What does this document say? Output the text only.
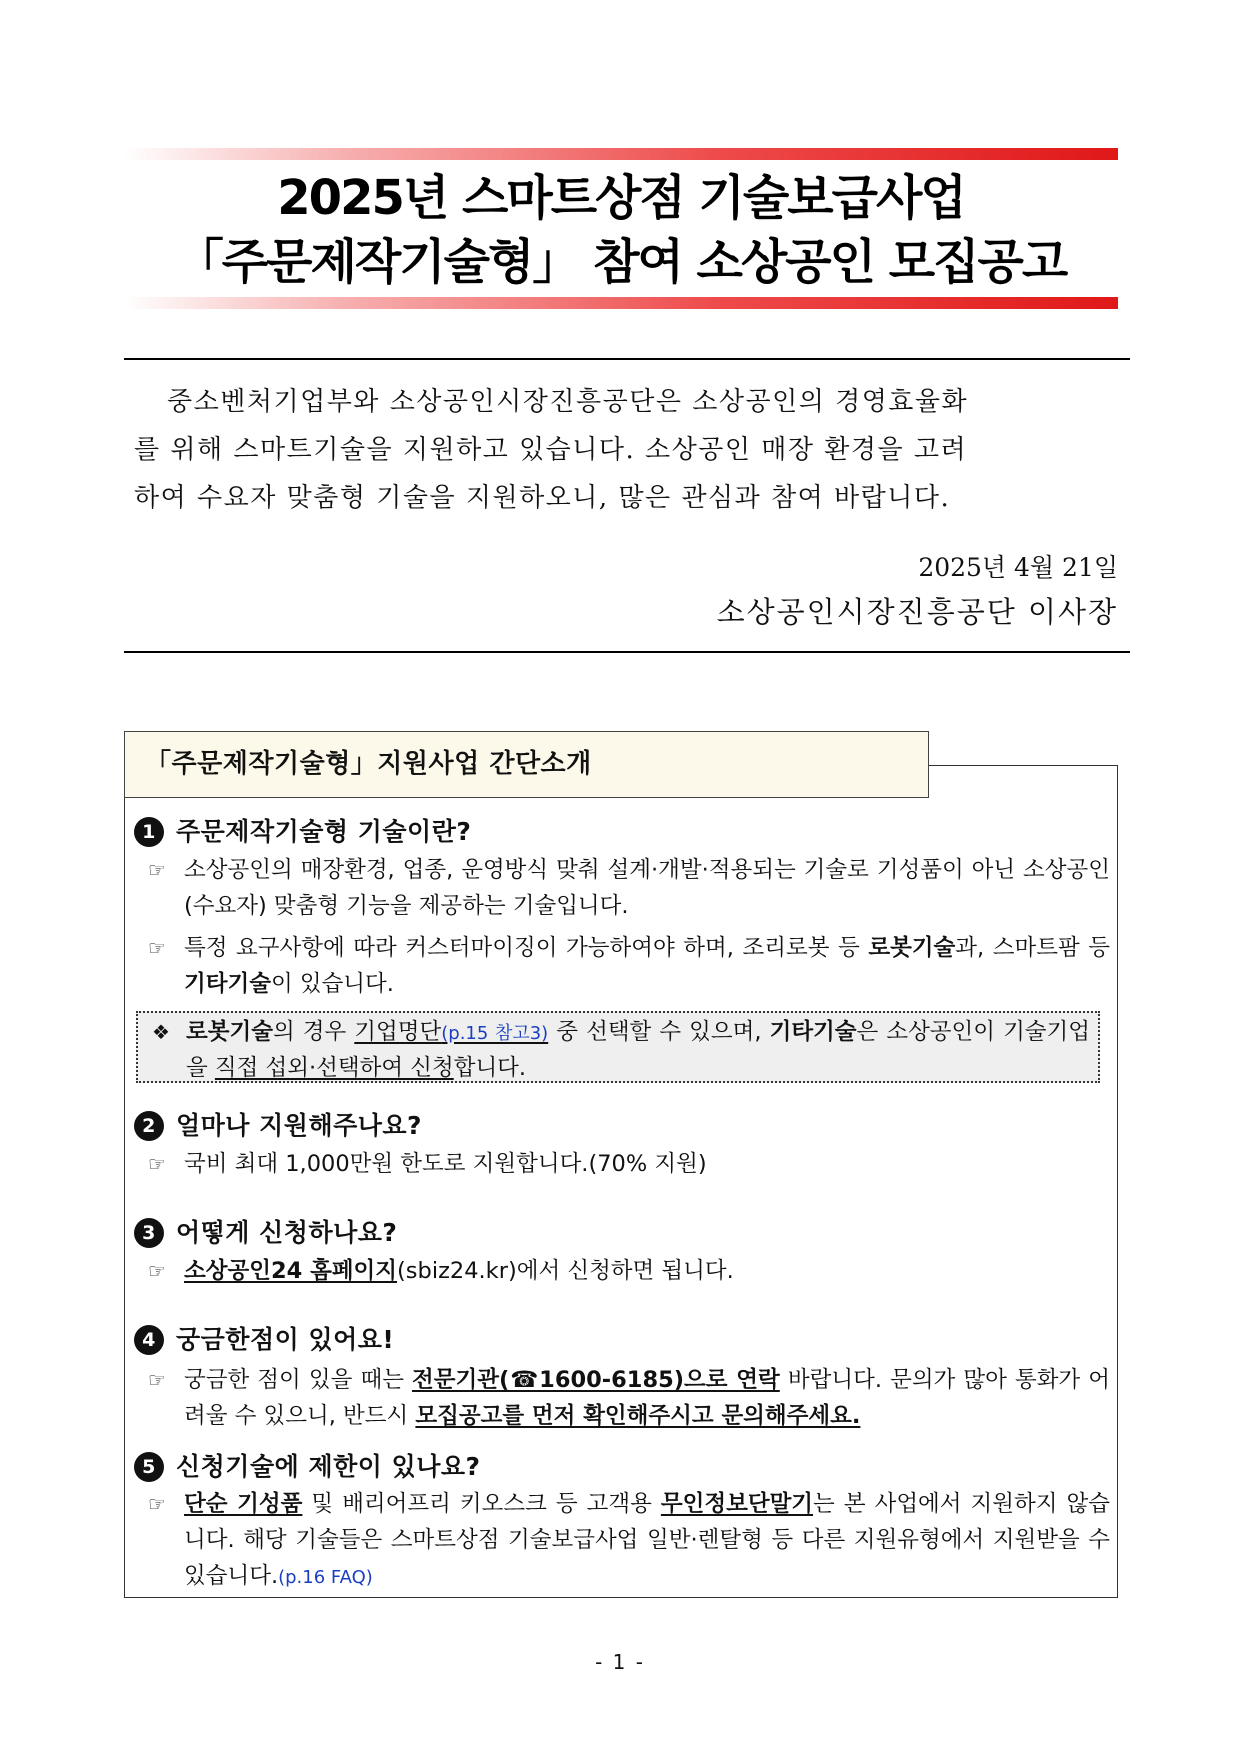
2025년 스마트상점 기술보급사업
「주문제작기술형」 참여 소상공인 모집공고

중소벤처기업부와 소상공인시장진흥공단은 소상공인의 경영효율화

를 위해 스마트기술을 지원하고 있습니다. 소상공인 매장 환경을 고려

하여 수요자 맞춤형 기술을 지원하오니, 많은 관심과 참여 바랍니다.

2025년 4월 21일
소상공인시장진흥공단 이사장
「주문제작기술형」지원사업 간단소개
1 주문제작기술형 기술이란?
☞ 소상공인의 매장환경, 업종, 운영방식 맞춰 설계·개발·적용되는 기술로 기성품이 아닌 소상공인(수요자) 맞춤형 기능을 제공하는 기술입니다.
☞ 특정 요구사항에 따라 커스터마이징이 가능하여야 하며, 조리로봇 등 로봇기술과, 스마트팜 등 기타기술이 있습니다.
❖ 로봇기술의 경우 기업명단(p.15 참고3) 중 선택할 수 있으며, 기타기술은 소상공인이 기술기업을 직접 섭외·선택하여 신청합니다.
2 얼마나 지원해주나요?
☞ 국비 최대 1,000만원 한도로 지원합니다.(70% 지원)
3 어떻게 신청하나요?
☞ 소상공인24 홈페이지(sbiz24.kr)에서 신청하면 됩니다.
4 궁금한점이 있어요!
☞ 궁금한 점이 있을 때는 전문기관(☎1600-6185)으로 연락 바랍니다. 문의가 많아 통화가 어려울 수 있으니, 반드시 모집공고를 먼저 확인해주시고 문의해주세요.
5 신청기술에 제한이 있나요?
☞ 단순 기성품 및 배리어프리 키오스크 등 고객용 무인정보단말기는 본 사업에서 지원하지 않습니다. 해당 기술들은 스마트상점 기술보급사업 일반·렌탈형 등 다른 지원유형에서 지원받을 수 있습니다.(p.16 FAQ)
- 1 -
